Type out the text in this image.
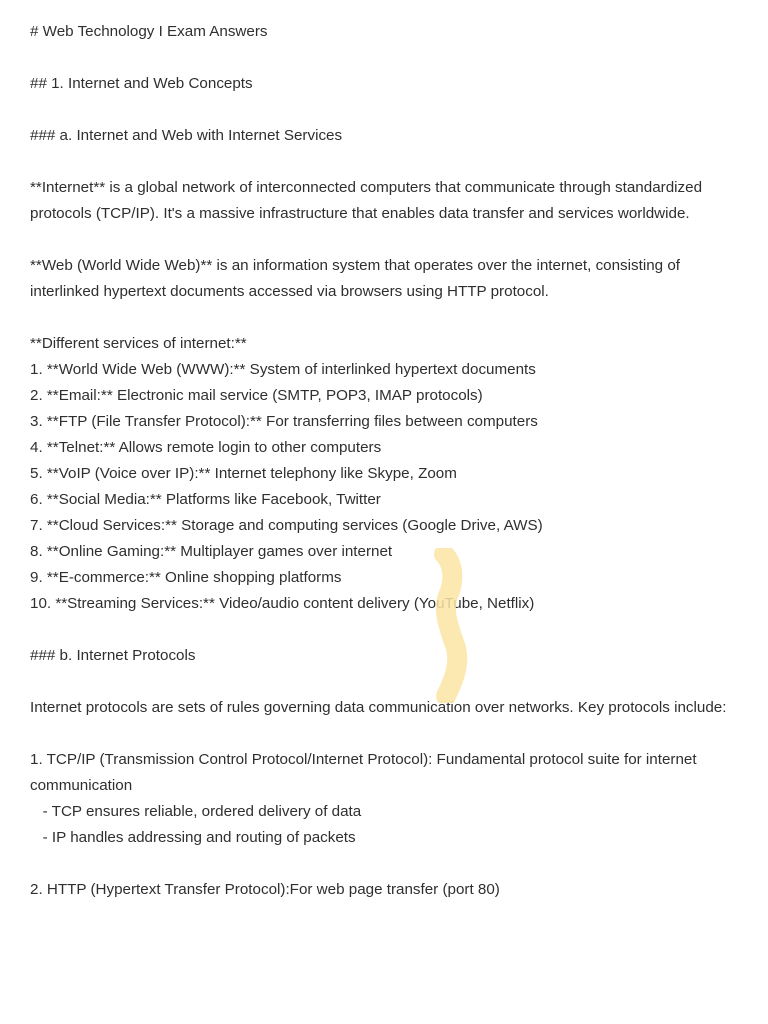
# Web Technology I Exam Answers
## 1. Internet and Web Concepts
### a. Internet and Web with Internet Services
**Internet** is a global network of interconnected computers that communicate through standardized protocols (TCP/IP). It's a massive infrastructure that enables data transfer and services worldwide.
**Web (World Wide Web)** is an information system that operates over the internet, consisting of interlinked hypertext documents accessed via browsers using HTTP protocol.
**Different services of internet:**
1. **World Wide Web (WWW):** System of interlinked hypertext documents
2. **Email:** Electronic mail service (SMTP, POP3, IMAP protocols)
3. **FTP (File Transfer Protocol):** For transferring files between computers
4. **Telnet:** Allows remote login to other computers
5. **VoIP (Voice over IP):** Internet telephony like Skype, Zoom
6. **Social Media:** Platforms like Facebook, Twitter
7. **Cloud Services:** Storage and computing services (Google Drive, AWS)
8. **Online Gaming:** Multiplayer games over internet
9. **E-commerce:** Online shopping platforms
10. **Streaming Services:** Video/audio content delivery (YouTube, Netflix)
### b. Internet Protocols
Internet protocols are sets of rules governing data communication over networks. Key protocols include:
1. TCP/IP (Transmission Control Protocol/Internet Protocol): Fundamental protocol suite for internet communication
- TCP ensures reliable, ordered delivery of data
- IP handles addressing and routing of packets
2. HTTP (Hypertext Transfer Protocol):For web page transfer (port 80)
